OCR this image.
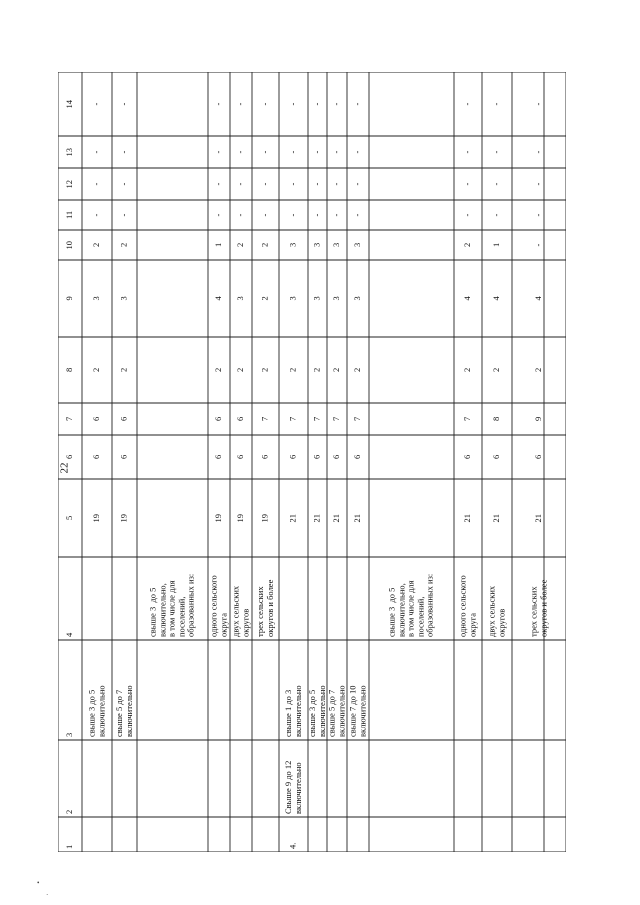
22
•
·
1
2
3
4
5
6
7
8
9
10
11
12
13
14
свыше 3 до 5
включительно
19
6
6
2
3
2
-
-
-
-
свыше 5 до 7
включительно
19
6
6
2
3
2
-
-
-
-
свыше 3  до 5
включительно,
в том числе для
поселений,
образованных из:
одного сельского
округа
19
6
6
2
4
1
-
-
-
-
двух сельских
округов
19
6
6
2
3
2
-
-
-
-
трех сельских
округов и более
19
6
7
2
2
2
-
-
-
-
4.
Свыше 9 до 12
включительно
свыше 1 до 3
включительно
21
6
7
2
3
3
-
-
-
-
свыше 3 до 5
включительно
21
6
7
2
3
3
-
-
-
-
свыше 5 до 7
включительно
21
6
7
2
3
3
-
-
-
-
свыше 7 до 10
включительно
21
6
7
2
3
3
-
-
-
-
свыше 3  до 5
включительно,
в том числе для
поселений,
образованных из:
одного сельского
округа
21
6
7
2
4
2
-
-
-
-
двух сельских
округов
21
6
8
2
4
1
-
-
-
-
трех сельских
округов и более
21
6
9
2
4
-
-
-
-
-
